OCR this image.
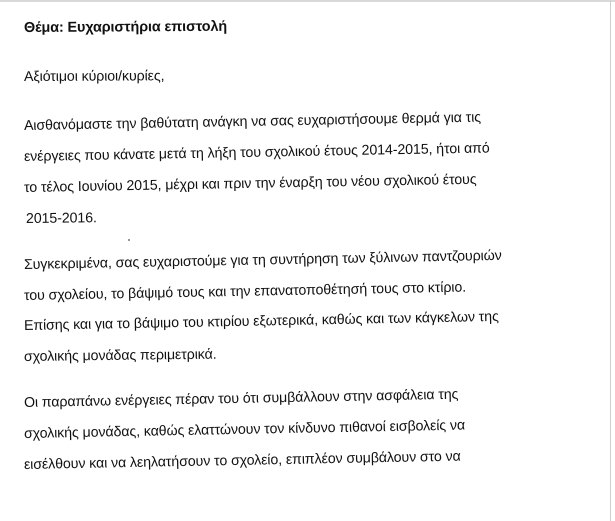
Θέμα: Ευχαριστήρια επιστολή
Αξιότιμοι κύριοι/κυρίες,
Αισθανόμαστε την βαθύτατη ανάγκη να σας ευχαριστήσουμε θερμά για τις
ενέργειες που κάνατε μετά τη λήξη του σχολικού έτους 2014-2015, ήτοι από
το τέλος Ιουνίου 2015, μέχρι και πριν την έναρξη του νέου σχολικού έτους
2015-2016.
Συγκεκριμένα, σας ευχαριστούμε για τη συντήρηση των ξύλινων παντζουριών
του σχολείου, το βάψιμό τους και την επανατοποθέτησή τους στο κτίριο.
Επίσης και για το βάψιμο του κτιρίου εξωτερικά, καθώς και των κάγκελων της
σχολικής μονάδας περιμετρικά.
Οι παραπάνω ενέργειες πέραν του ότι συμβάλλουν στην ασφάλεια της
σχολικής μονάδας, καθώς ελαττώνουν τον κίνδυνο πιθανοί εισβολείς να
εισέλθουν και να λεηλατήσουν το σχολείο, επιπλέον συμβάλουν στο να
